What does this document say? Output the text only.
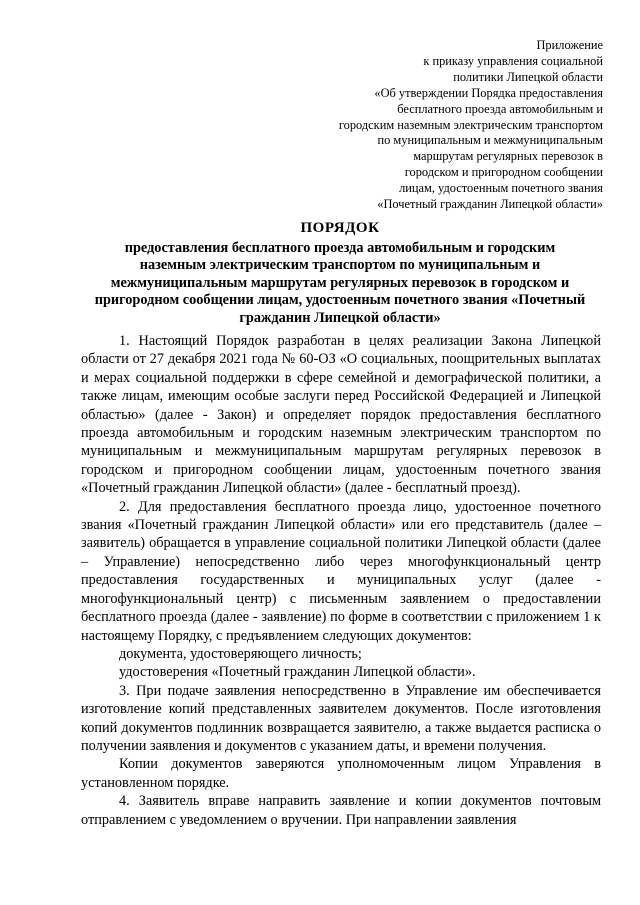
Приложение
к приказу управления социальной
политики Липецкой области
«Об утверждении Порядка предоставления
бесплатного проезда автомобильным и
городским наземным электрическим транспортом
по муниципальным и межмуниципальным
маршрутам регулярных перевозок в
городском и пригородном сообщении
лицам, удостоенным почетного звания
«Почетный гражданин Липецкой области»
ПОРЯДОК
предоставления бесплатного проезда автомобильным и городским
наземным электрическим транспортом по муниципальным и
межмуниципальным маршрутам регулярных перевозок в городском и
пригородном сообщении лицам, удостоенным почетного звания «Почетный
гражданин Липецкой области»

1. Настоящий Порядок разработан в целях реализации Закона Липецкой области от 27 декабря 2021 года № 60-ОЗ «О социальных, поощрительных выплатах и мерах социальной поддержки в сфере семейной и демографической политики, а также лицам, имеющим особые заслуги перед Российской Федерацией и Липецкой областью» (далее - Закон) и определяет порядок предоставления бесплатного проезда автомобильным и городским наземным электрическим транспортом по муниципальным и межмуниципальным маршрутам регулярных перевозок в городском и пригородном сообщении лицам, удостоенным почетного звания «Почетный гражданин Липецкой области» (далее - бесплатный проезд).

2. Для предоставления бесплатного проезда лицо, удостоенное почетного звания «Почетный гражданин Липецкой области» или его представитель (далее – заявитель) обращается в управление социальной политики Липецкой области (далее – Управление) непосредственно либо через многофункциональный центр предоставления государственных и муниципальных услуг (далее - многофункциональный центр) с письменным заявлением о предоставлении бесплатного проезда (далее - заявление) по форме в соответствии с приложением 1 к настоящему Порядку, с предъявлением следующих документов:

документа, удостоверяющего личность;

удостоверения «Почетный гражданин Липецкой области».

3. При подаче заявления непосредственно в Управление им обеспечивается изготовление копий представленных заявителем документов. После изготовления копий документов подлинник возвращается заявителю, а также выдается расписка о получении заявления и документов с указанием даты, и времени получения.

Копии документов заверяются уполномоченным лицом Управления в установленном порядке.

4. Заявитель вправе направить заявление и копии документов почтовым отправлением с уведомлением о вручении. При направлении заявления
